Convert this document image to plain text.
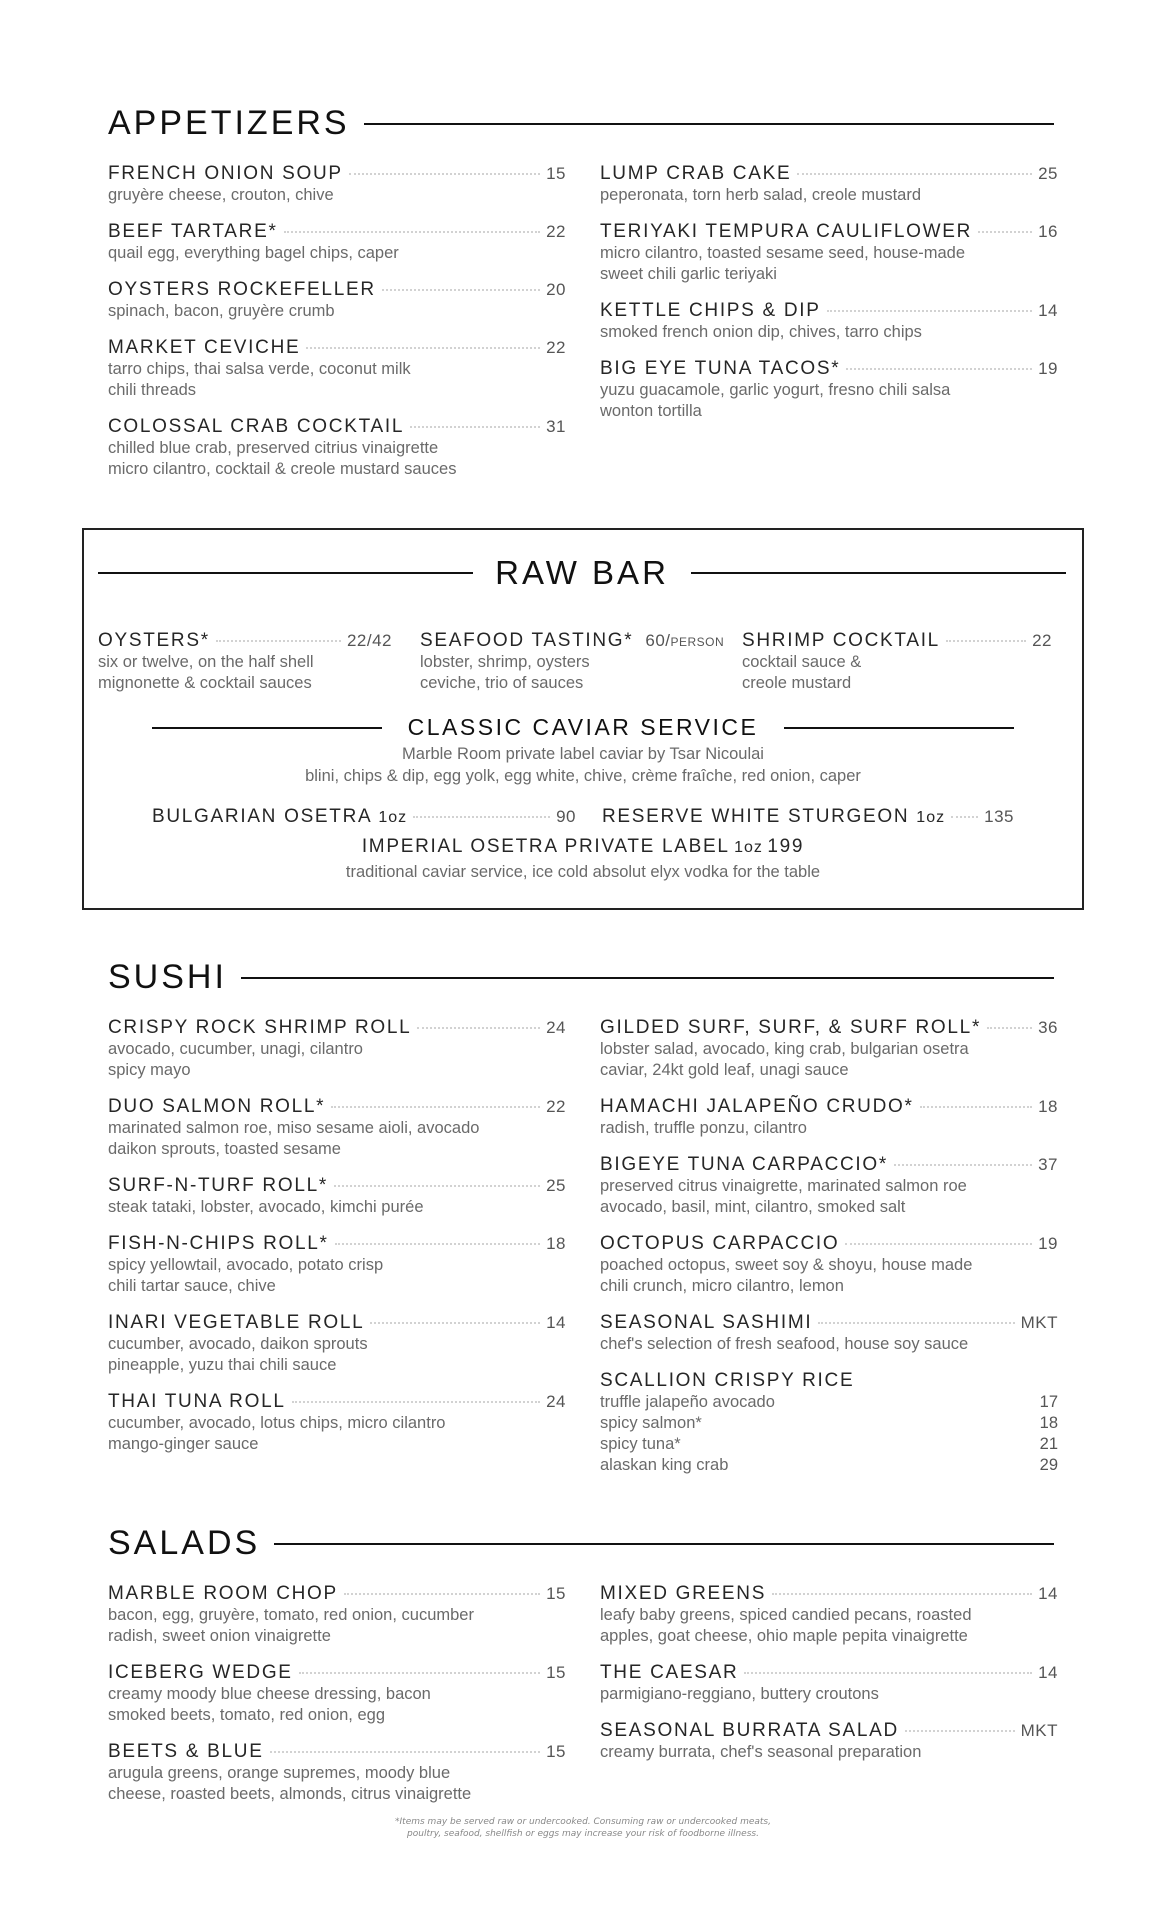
APPETIZERS
FRENCH ONION SOUP	15
gruyère cheese, crouton, chive
BEEF TARTARE*	22
quail egg, everything bagel chips, caper
OYSTERS ROCKEFELLER	20
spinach, bacon, gruyère crumb
MARKET CEVICHE	22
tarro chips, thai salsa verde, coconut milk
chili threads
COLOSSAL CRAB COCKTAIL	31
chilled blue crab, preserved citrius vinaigrette
micro cilantro, cocktail & creole mustard sauces
LUMP CRAB CAKE	25
peperonata, torn herb salad, creole mustard
TERIYAKI TEMPURA CAULIFLOWER	16
micro cilantro, toasted sesame seed, house-made
sweet chili garlic teriyaki
KETTLE CHIPS & DIP	14
smoked french onion dip, chives, tarro chips
BIG EYE TUNA TACOS*	19
yuzu guacamole, garlic yogurt, fresno chili salsa
wonton tortilla
RAW BAR
OYSTERS*	22/42
six or twelve, on the half shell
mignonette & cocktail sauces
SEAFOOD TASTING* 60/PERSON
lobster, shrimp, oysters
ceviche, trio of sauces
SHRIMP COCKTAIL	22
cocktail sauce &
creole mustard
CLASSIC CAVIAR SERVICE
Marble Room private label caviar by Tsar Nicoulai
blini, chips & dip, egg yolk, egg white, chive, crème fraîche, red onion, caper
BULGARIAN OSETRA 1oz	90 RESERVE WHITE STURGEON 1oz 135
IMPERIAL OSETRA PRIVATE LABEL 1oz 199
traditional caviar service, ice cold absolut elyx vodka for the table
SUSHI
CRISPY ROCK SHRIMP ROLL	24
avocado, cucumber, unagi, cilantro
spicy mayo
DUO SALMON ROLL*	22
marinated salmon roe, miso sesame aioli, avocado
daikon sprouts, toasted sesame
SURF-N-TURF ROLL*	25
steak tataki, lobster, avocado, kimchi purée
FISH-N-CHIPS ROLL*	18
spicy yellowtail, avocado, potato crisp
chili tartar sauce, chive
INARI VEGETABLE ROLL	14
cucumber, avocado, daikon sprouts
pineapple, yuzu thai chili sauce
THAI TUNA ROLL	24
cucumber, avocado, lotus chips, micro cilantro
mango-ginger sauce
GILDED SURF, SURF, & SURF ROLL*	36
lobster salad, avocado, king crab, bulgarian osetra
caviar, 24kt gold leaf, unagi sauce
HAMACHI JALAPEÑO CRUDO*	18
radish, truffle ponzu, cilantro
BIGEYE TUNA CARPACCIO*	37
preserved citrus vinaigrette, marinated salmon roe
avocado, basil, mint, cilantro, smoked salt
OCTOPUS CARPACCIO	19
poached octopus, sweet soy & shoyu, house made
chili crunch, micro cilantro, lemon
SEASONAL SASHIMI	MKT
chef's selection of fresh seafood, house soy sauce
SCALLION CRISPY RICE
truffle jalapeño avocado	17
spicy salmon*	18
spicy tuna*	21
alaskan king crab	29
SALADS
MARBLE ROOM CHOP	15
bacon, egg, gruyère, tomato, red onion, cucumber
radish, sweet onion vinaigrette
ICEBERG WEDGE	15
creamy moody blue cheese dressing, bacon
smoked beets, tomato, red onion, egg
BEETS & BLUE	15
arugula greens, orange supremes, moody blue
cheese, roasted beets, almonds, citrus vinaigrette
MIXED GREENS	14
leafy baby greens, spiced candied pecans, roasted
apples, goat cheese, ohio maple pepita vinaigrette
THE CAESAR	14
parmigiano-reggiano, buttery croutons
SEASONAL BURRATA SALAD	MKT
creamy burrata, chef's seasonal preparation
*Items may be served raw or undercooked. Consuming raw or undercooked meats,
poultry, seafood, shellfish or eggs may increase your risk of foodborne illness.
